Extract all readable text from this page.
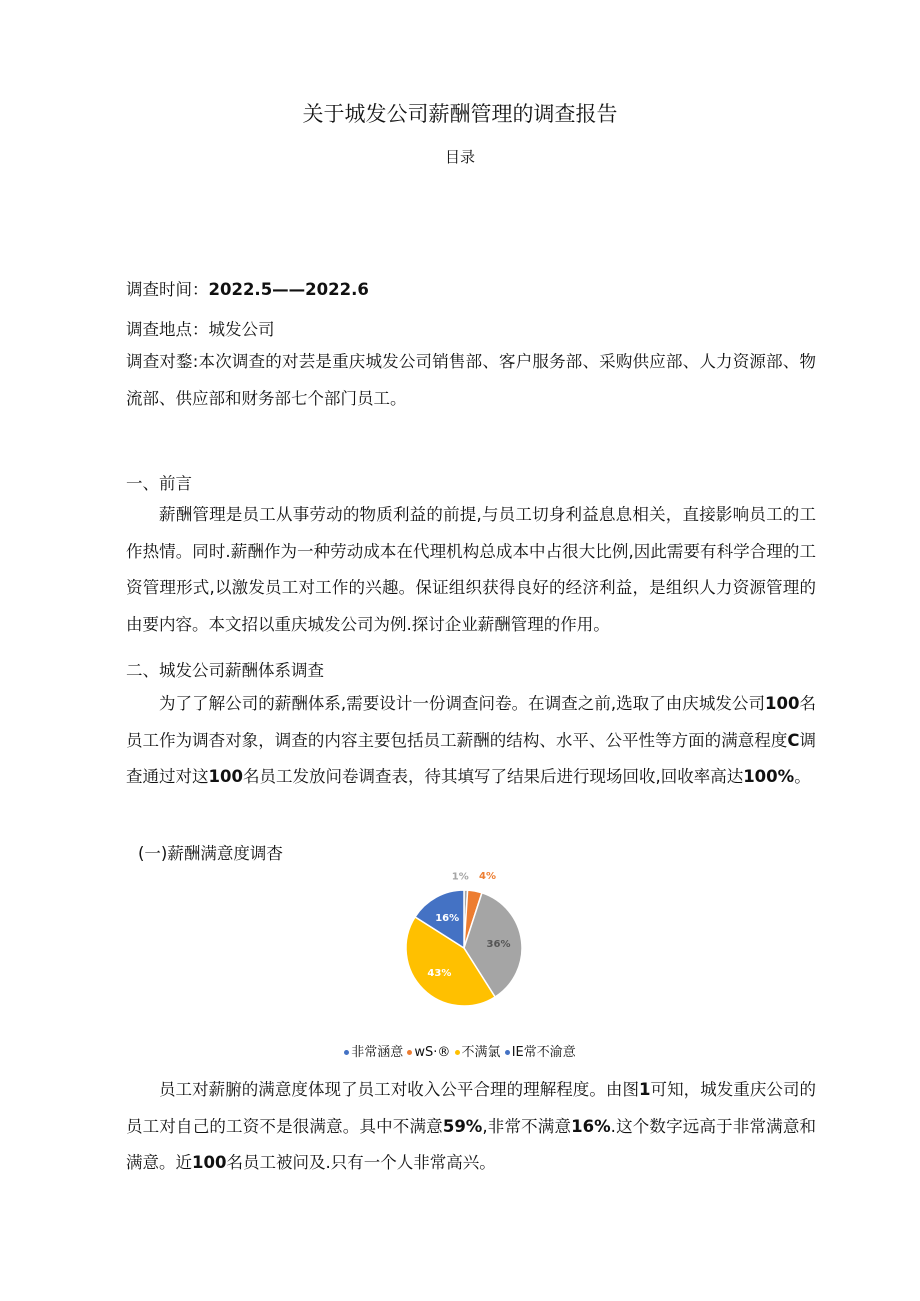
关于城发公司薪酬管理的调查报告
目录
调查时间：2022.5——2022.6
调查地点：城发公司

调查对鍪:本次调查的对芸是重庆城发公司销售部、客户服务部、采购供应部、人力资源部、物流部、供应部和财务部七个部门员工。

一、前言

薪酬管理是员工从事劳动的物质利益的前提,与员工切身利益息息相关，直接影响员工的工作热情。同时.薪酬作为一种劳动成本在代理机构总成本中占很大比例,因此需要有科学合理的工资管理形式,以激发员工对工作的兴趣。保证组织获得良好的经济利益，是组织人力资源管理的由要内容。本文招以重庆城发公司为例.探讨企业薪酬管理的作用。

二、城发公司薪酬体系调查

为了了解公司的薪酬体系,需要设计一份调查问卷。在调查之前,选取了由庆城发公司100名员工作为调杳对象，调查的内容主要包括员工薪酬的结构、水平、公平性等方面的满意程度C调查通过对这100名员工发放问卷调查表，待其填写了结果后进行现场回收,回收率高达100%。

(一)薪酬满意度调杳
1% 4%
36%
43%
16%
非常涵意 wS·® 不满氯 IE常不渝意

员工对薪腑的满意度体现了员工对收入公平合理的理解程度。由图1可知，城发重庆公司的员工对自己的工资不是很满意。具中不满意59%,非常不满意16%.这个数字远高于非常满意和满意。近100名员工被问及.只有一个人非常高兴。
